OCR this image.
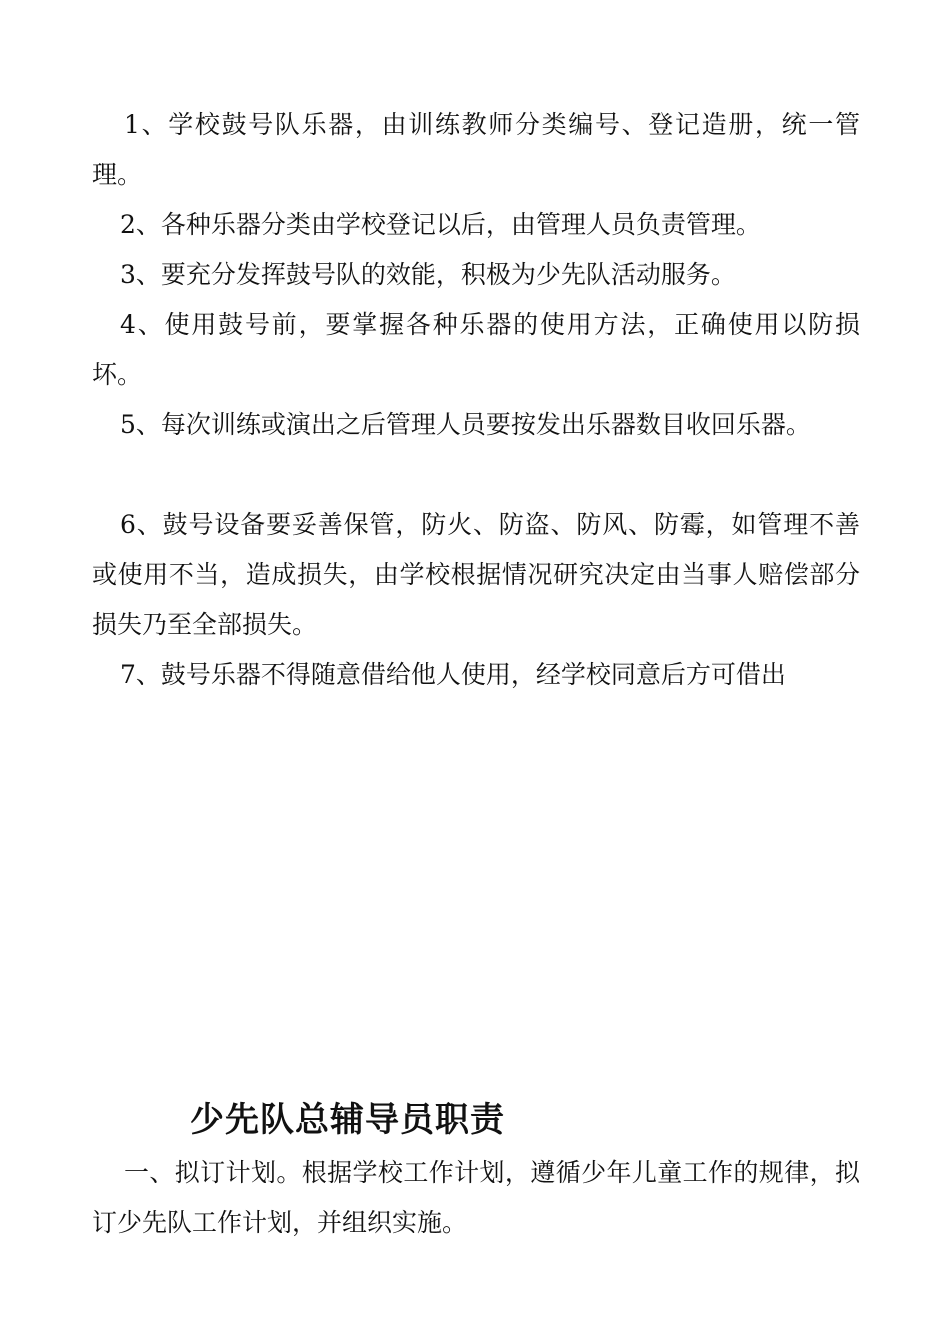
1、学校鼓号队乐器，由训练教师分类编号、登记造册，统一管理。

2、各种乐器分类由学校登记以后，由管理人员负责管理。

3、要充分发挥鼓号队的效能，积极为少先队活动服务。

4、使用鼓号前，要掌握各种乐器的使用方法，正确使用以防损坏。

5、每次训练或演出之后管理人员要按发出乐器数目收回乐器。

6、鼓号设备要妥善保管，防火、防盗、防风、防霉，如管理不善或使用不当，造成损失，由学校根据情况研究决定由当事人赔偿部分损失乃至全部损失。

7、鼓号乐器不得随意借给他人使用，经学校同意后方可借出

少先队总辅导员职责

一、拟订计划。根据学校工作计划，遵循少年儿童工作的规律，拟订少先队工作计划，并组织实施。
